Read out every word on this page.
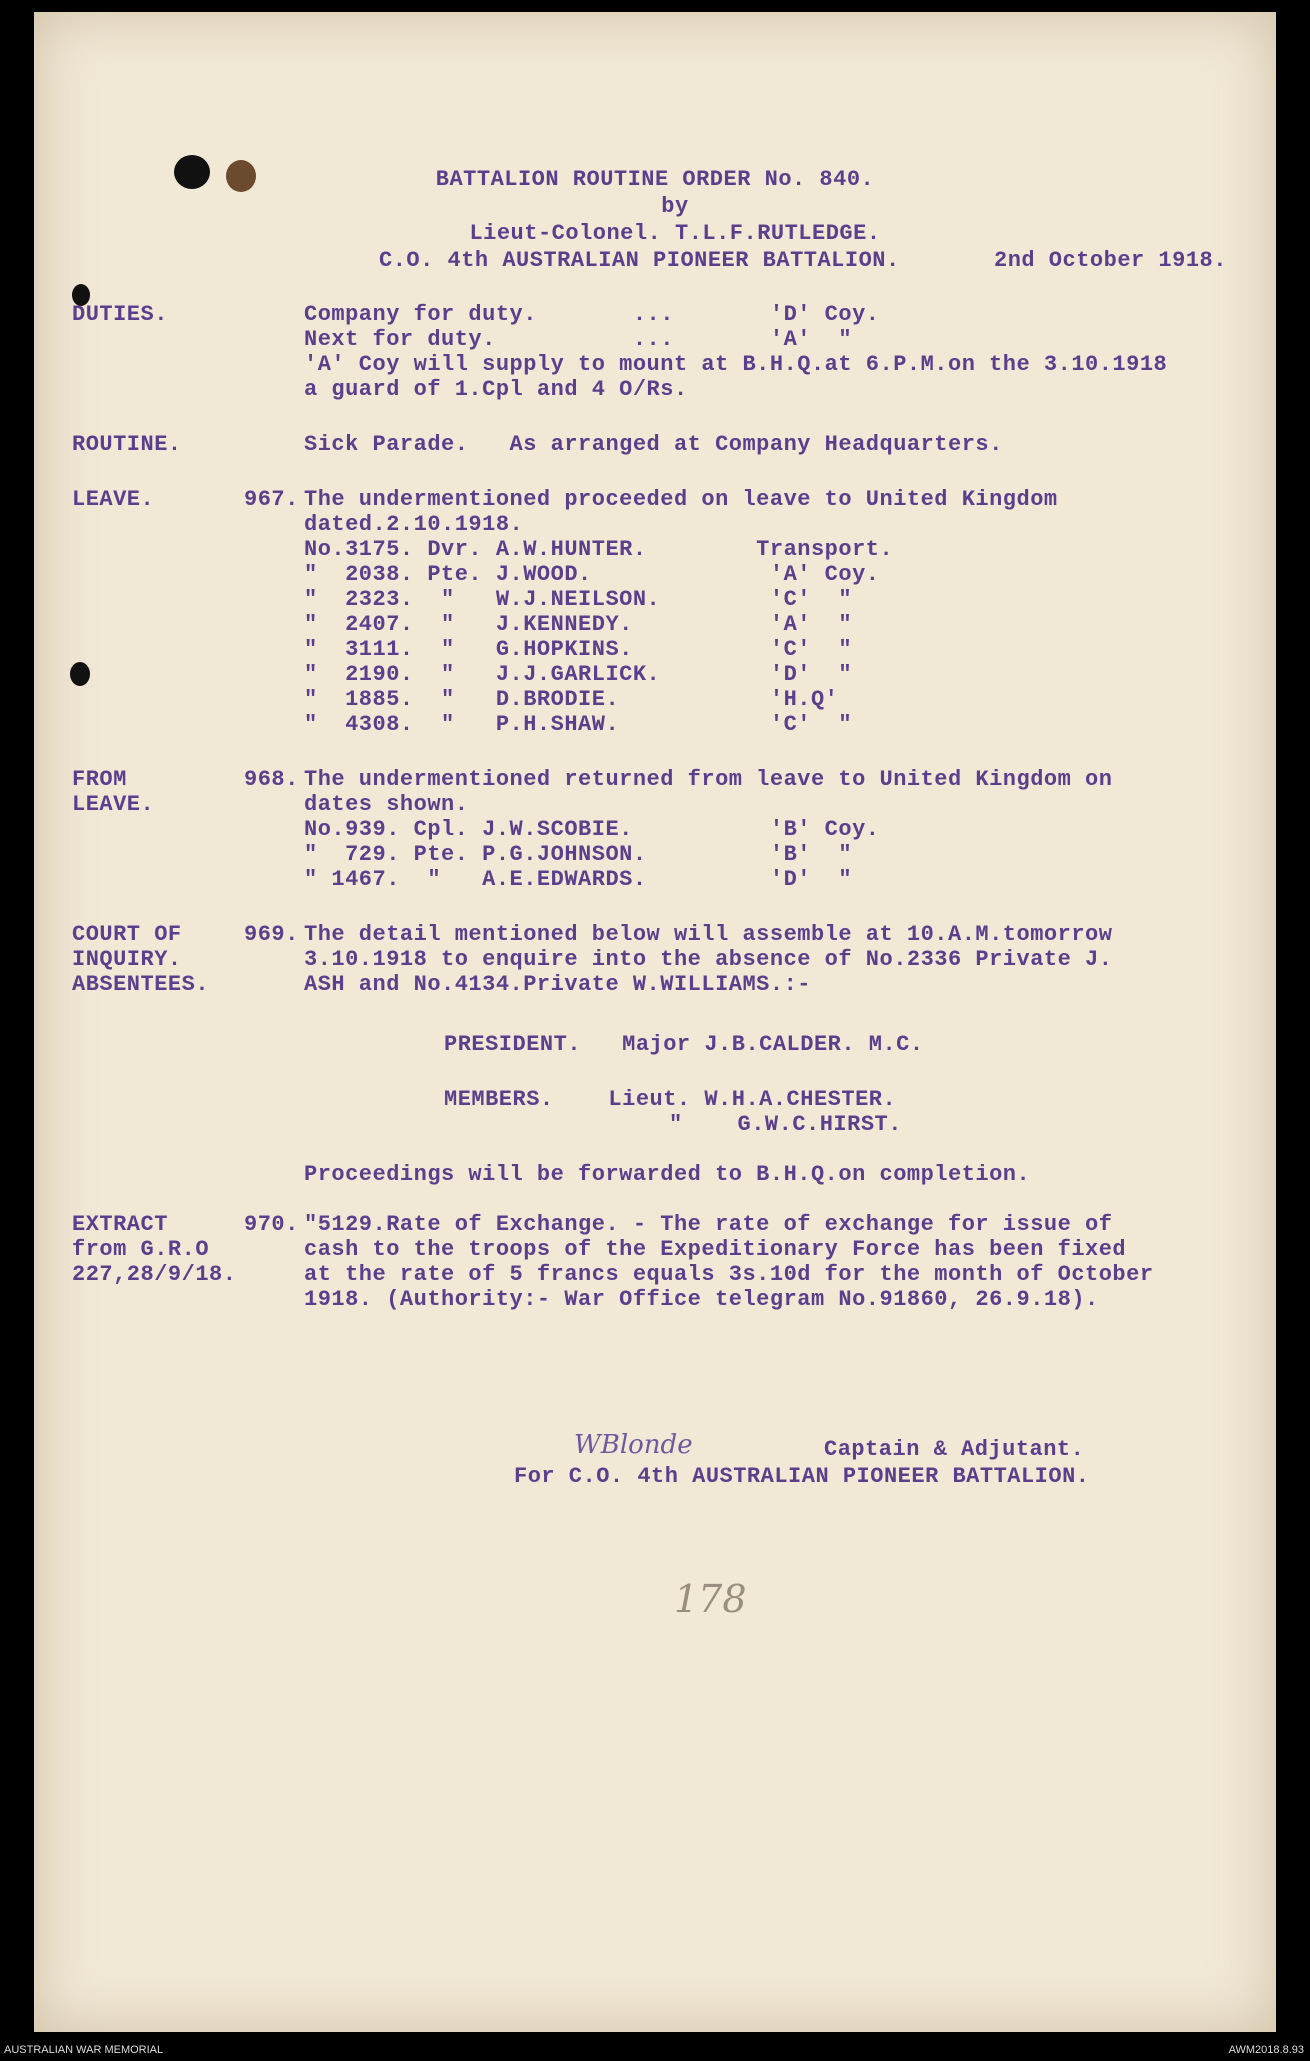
BATTALION ROUTINE ORDER No. 840.
by
Lieut-Colonel. T.L.F.RUTLEDGE.
C.O. 4th AUSTRALIAN PIONEER BATTALION.	2nd October 1918.
DUTIES.	Company for duty.       ...       'D' Coy.
Next for duty.          ...       'A'  "
'A' Coy will supply to mount at B.H.Q.at 6.P.M.on the 3.10.1918
a guard of 1.Cpl and 4 O/Rs.
ROUTINE.	Sick Parade.   As arranged at Company Headquarters.
LEAVE.	967. The undermentioned proceeded on leave to United Kingdom
dated.2.10.1918.
No.3175. Dvr. A.W.HUNTER.        Transport.
"  2038. Pte. J.WOOD.             'A' Coy.
"  2323.  "   W.J.NEILSON.        'C'  "
"  2407.  "   J.KENNEDY.          'A'  "
"  3111.  "   G.HOPKINS.          'C'  "
"  2190.  "   J.J.GARLICK.        'D'  "
"  1885.  "   D.BRODIE.           'H.Q'
"  4308.  "   P.H.SHAW.           'C'  "
FROM
LEAVE.
968. The undermentioned returned from leave to United Kingdom on
dates shown.
No.939. Cpl. J.W.SCOBIE.          'B' Coy.
"  729. Pte. P.G.JOHNSON.         'B'  "
" 1467.  "   A.E.EDWARDS.         'D'  "
COURT OF
INQUIRY.
ABSENTEES.
969. The detail mentioned below will assemble at 10.A.M.tomorrow
3.10.1918 to enquire into the absence of No.2336 Private J.
ASH and No.4134.Private W.WILLIAMS.:-
PRESIDENT.   Major J.B.CALDER. M.C.
MEMBERS.    Lieut. W.H.A.CHESTER.
"    G.W.C.HIRST.
Proceedings will be forwarded to B.H.Q.on completion.
EXTRACT
from G.R.O
227,28/9/18.
970. "5129.Rate of Exchange. - The rate of exchange for issue of
cash to the troops of the Expeditionary Force has been fixed
at the rate of 5 francs equals 3s.10d for the month of October
1918. (Authority:- War Office telegram No.91860, 26.9.18).
WBlonde	Captain & Adjutant.
For C.O. 4th AUSTRALIAN PIONEER BATTALION.
178
AUSTRALIAN WAR MEMORIAL	AWM2018.8.93
